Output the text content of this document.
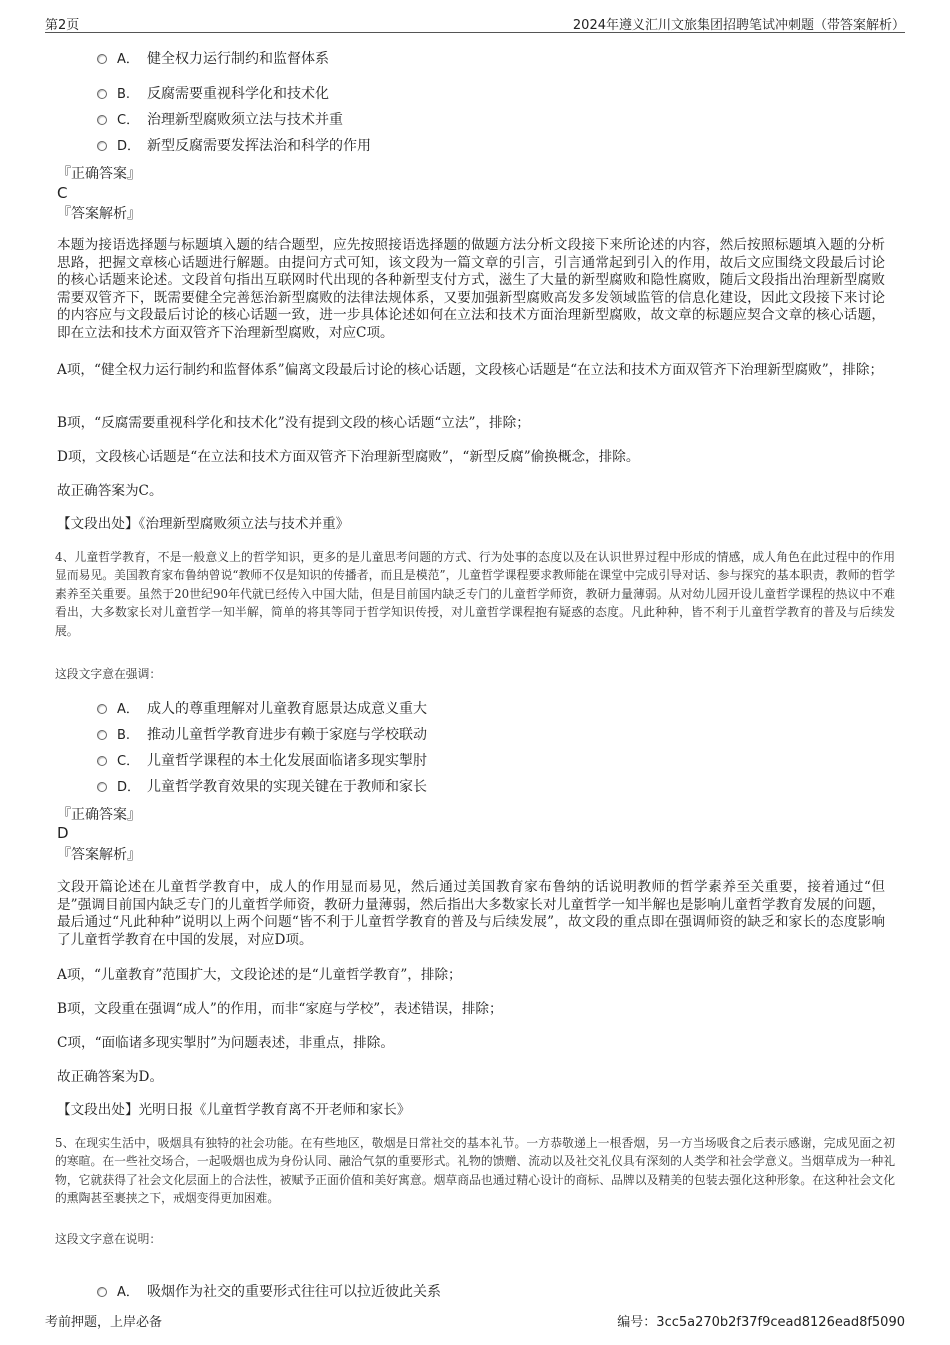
第2页	2024年遵义汇川文旅集团招聘笔试冲刺题（带答案解析）
A． 健全权力运行制约和监督体系
B. 反腐需要重视科学化和技术化
C． 治理新型腐败须立法与技术并重
D． 新型反腐需要发挥法治和科学的作用
『正确答案』
C
『答案解析』
本题为接语选择题与标题填入题的结合题型，应先按照接语选择题的做题方法分析文段接下来所论述的内容，然后按照标题填入题的分析思路，把握文章核心话题进行解题。由提问方式可知，该文段为一篇文章的引言，引言通常起到引入的作用，故后文应围绕文段最后讨论的核心话题来论述。文段首句指出互联网时代出现的各种新型支付方式，滋生了大量的新型腐败和隐性腐败，随后文段指出治理新型腐败需要双管齐下，既需要健全完善惩治新型腐败的法律法规体系，又要加强新型腐败高发多发领域监管的信息化建设，因此文段接下来讨论的内容应与文段最后讨论的核心话题一致，进一步具体论述如何在立法和技术方面治理新型腐败，故文章的标题应契合文章的核心话题，即在立法和技术方面双管齐下治理新型腐败，对应C项。
A项，“健全权力运行制约和监督体系”偏离文段最后讨论的核心话题，文段核心话题是“在立法和技术方面双管齐下治理新型腐败”，排除；
B项，“反腐需要重视科学化和技术化”没有提到文段的核心话题“立法”，排除；
D项，文段核心话题是“在立法和技术方面双管齐下治理新型腐败”，“新型反腐”偷换概念，排除。
故正确答案为C。
【文段出处】《治理新型腐败须立法与技术并重》
4、儿童哲学教育，不是一般意义上的哲学知识，更多的是儿童思考问题的方式、行为处事的态度以及在认识世界过程中形成的情感，成人角色在此过程中的作用显而易见。美国教育家布鲁纳曾说“教师不仅是知识的传播者，而且是模范”，儿童哲学课程要求教师能在课堂中完成引导对话、参与探究的基本职责，教师的哲学素养至关重要。虽然于20世纪90年代就已经传入中国大陆，但是目前国内缺乏专门的儿童哲学师资，教研力量薄弱。从对幼儿园开设儿童哲学课程的热议中不难看出，大多数家长对儿童哲学一知半解，简单的将其等同于哲学知识传授，对儿童哲学课程抱有疑惑的态度。凡此种种，皆不利于儿童哲学教育的普及与后续发展。
这段文字意在强调：
A． 成人的尊重理解对儿童教育愿景达成意义重大
B. 推动儿童哲学教育进步有赖于家庭与学校联动
C． 儿童哲学课程的本土化发展面临诸多现实掣肘
D． 儿童哲学教育效果的实现关键在于教师和家长
『正确答案』
D
『答案解析』
文段开篇论述在儿童哲学教育中，成人的作用显而易见，然后通过美国教育家布鲁纳的话说明教师的哲学素养至关重要，接着通过“但是”强调目前国内缺乏专门的儿童哲学师资，教研力量薄弱，然后指出大多数家长对儿童哲学一知半解也是影响儿童哲学教育发展的问题，最后通过“凡此种种”说明以上两个问题“皆不利于儿童哲学教育的普及与后续发展”，故文段的重点即在强调师资的缺乏和家长的态度影响了儿童哲学教育在中国的发展，对应D项。
A项，“儿童教育”范围扩大，文段论述的是“儿童哲学教育”，排除；
B项，文段重在强调“成人”的作用，而非“家庭与学校”，表述错误，排除；
C项，“面临诸多现实掣肘”为问题表述，非重点，排除。
故正确答案为D。
【文段出处】光明日报《儿童哲学教育离不开老师和家长》
5、在现实生活中，吸烟具有独特的社会功能。在有些地区，敬烟是日常社交的基本礼节。一方恭敬递上一根香烟，另一方当场吸食之后表示感谢，完成见面之初的寒暄。在一些社交场合，一起吸烟也成为身份认同、融洽气氛的重要形式。礼物的馈赠、流动以及社交礼仪具有深刻的人类学和社会学意义。当烟草成为一种礼物，它就获得了社会文化层面上的合法性，被赋予正面价值和美好寓意。烟草商品也通过精心设计的商标、品牌以及精美的包装去强化这种形象。在这种社会文化的熏陶甚至裹挟之下，戒烟变得更加困难。
这段文字意在说明：
A． 吸烟作为社交的重要形式往往可以拉近彼此关系
考前押题，上岸必备	编号：3cc5a270b2f37f9cead8126ead8f5090
